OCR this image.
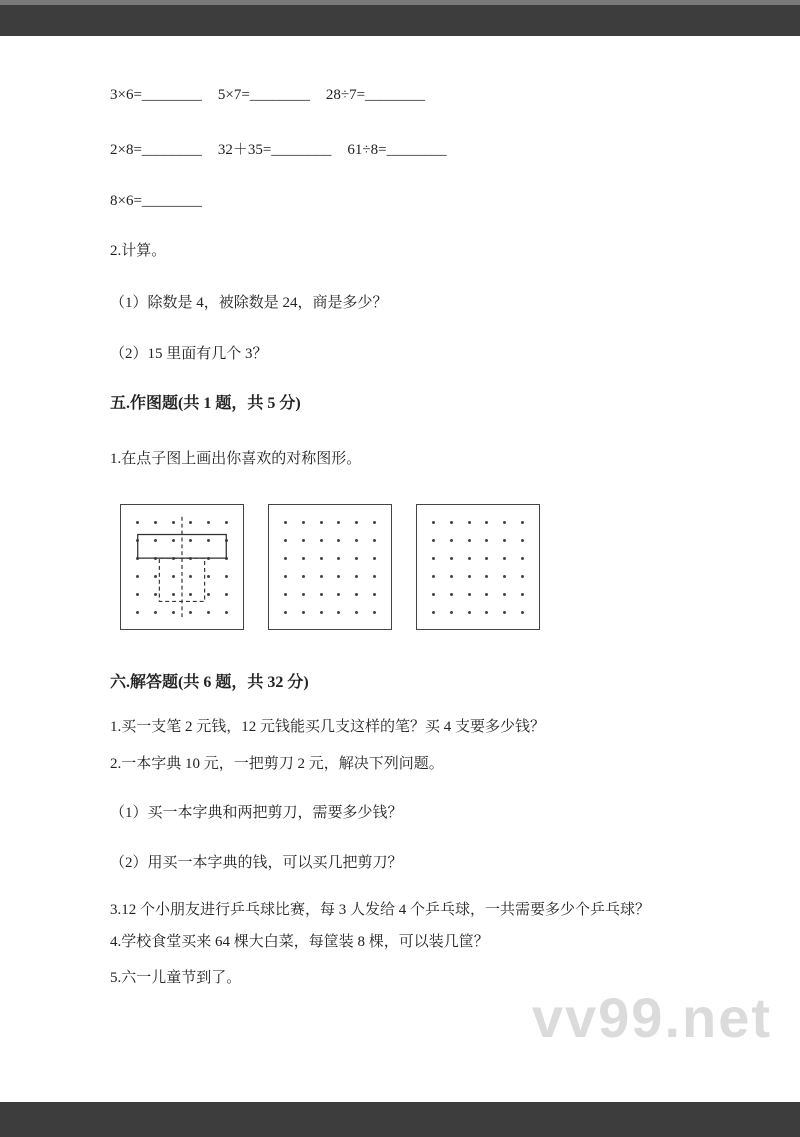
3×6=________ 5×7=________ 28÷7=________
2×8=________ 32＋35=________ 61÷8=________
8×6=________

2.计算。

（1）除数是 4，被除数是 24，商是多少？

（2）15 里面有几个 3？

五.作图题(共 1 题，共 5 分)

1.在点子图上画出你喜欢的对称图形。

六.解答题(共 6 题，共 32 分)

1.买一支笔 2 元钱，12 元钱能买几支这样的笔？买 4 支要多少钱？

2.一本字典 10 元，一把剪刀 2 元，解决下列问题。

（1）买一本字典和两把剪刀，需要多少钱？

（2）用买一本字典的钱，可以买几把剪刀？

3.12 个小朋友进行乒乓球比赛，每 3 人发给 4 个乒乓球，一共需要多少个乒乓球？

4.学校食堂买来 64 棵大白菜，每筐装 8 棵，可以装几筐？

5.六一儿童节到了。

vv99.net
